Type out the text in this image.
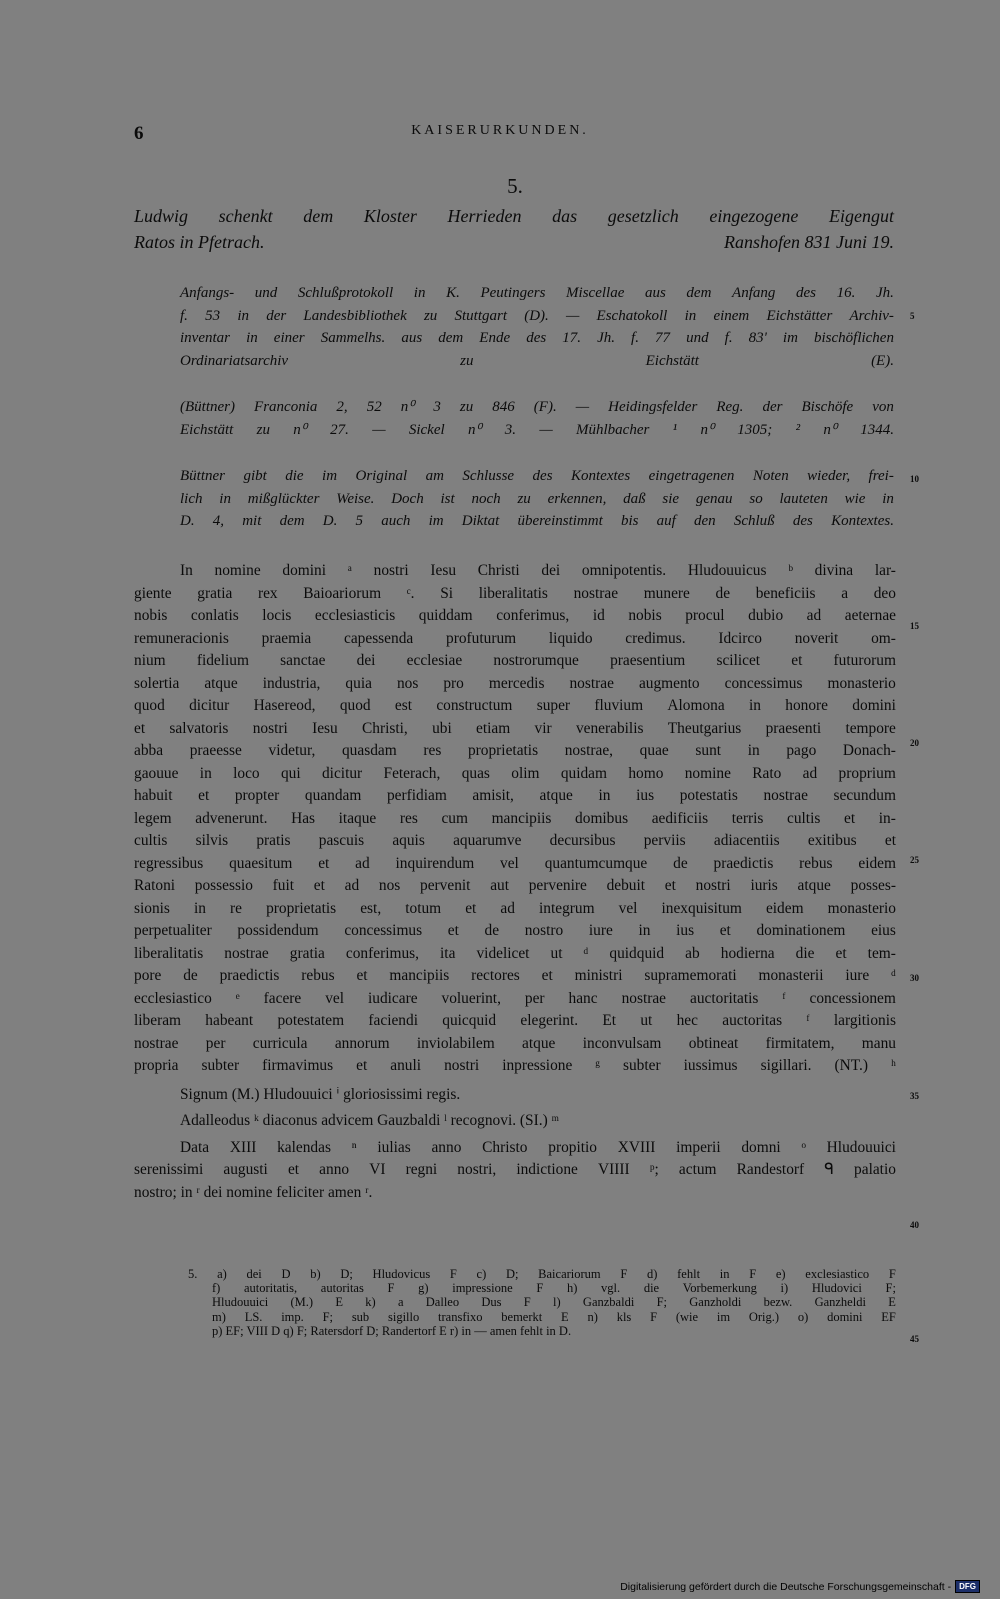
6	KAISERURKUNDEN.
5.
Ludwig schenkt dem Kloster Herrieden das gesetzlich eingezogene Eigengut
Ratos in Pfetrach.	Ranshofen 831 Juni 19.
Anfangs- und Schlußprotokoll in K. Peutingers Miscellae aus dem Anfang des 16. Jh.
f. 53 in der Landesbibliothek zu Stuttgart (D). — Eschatokoll in einem Eichstätter Archiv-
inventar in einer Sammelhs. aus dem Ende des 17. Jh. f. 77 und f. 83' im bischöflichen
Ordinariatsarchiv	zu	Eichstätt	(E).
(Büttner) Franconia 2, 52 n⁰ 3 zu 846 (F). — Heidingsfelder Reg. der Bischöfe von
Eichstätt zu n⁰ 27. — Sickel n⁰ 3. — Mühlbacher ¹ n⁰ 1305; ² n⁰ 1344.
Büttner gibt die im Original am Schlusse des Kontextes eingetragenen Noten wieder, frei-
lich in mißglückter Weise. Doch ist noch zu erkennen, daß sie genau so lauteten wie in
D. 4, mit dem D. 5 auch im Diktat übereinstimmt bis auf den Schluß des Kontextes.
In nomine domini ᵃ nostri Iesu Christi dei omnipotentis. Hludouuicus ᵇ divina lar-
giente gratia rex Baioariorum ᶜ. Si liberalitatis nostrae munere de beneficiis a deo
nobis conlatis locis ecclesiasticis quiddam conferimus, id nobis procul dubio ad aeternae
remuneracionis praemia capessenda profuturum liquido credimus. Idcirco noverit om-
nium fidelium sanctae dei ecclesiae nostrorumque praesentium scilicet et futurorum
solertia atque industria, quia nos pro mercedis nostrae augmento concessimus monasterio
quod dicitur Hasereod, quod est constructum super fluvium Alomona in honore domini
et salvatoris nostri Iesu Christi, ubi etiam vir venerabilis Theutgarius praesenti tempore
abba praeesse videtur, quasdam res proprietatis nostrae, quae sunt in pago Donach-
gaouue in loco qui dicitur Feterach, quas olim quidam homo nomine Rato ad proprium
habuit et propter quandam perfidiam amisit, atque in ius potestatis nostrae secundum
legem advenerunt. Has itaque res cum mancipiis domibus aedificiis terris cultis et in-
cultis silvis pratis pascuis aquis aquarumve decursibus perviis adiacentiis exitibus et
regressibus quaesitum et ad inquirendum vel quantumcumque de praedictis rebus eidem
Ratoni possessio fuit et ad nos pervenit aut pervenire debuit et nostri iuris atque posses-
sionis in re proprietatis est, totum et ad integrum vel inexquisitum eidem monasterio
perpetualiter possidendum concessimus et de nostro iure in ius et dominationem eius
liberalitatis nostrae gratia conferimus, ita videlicet ut ᵈ quidquid ab hodierna die et tem-
pore de praedictis rebus et mancipiis rectores et ministri supramemorati monasterii iure ᵈ
ecclesiastico ᵉ facere vel iudicare voluerint, per hanc nostrae auctoritatis ᶠ concessionem
liberam habeant potestatem faciendi quicquid elegerint. Et ut hec auctoritas ᶠ largitionis
nostrae per curricula annorum inviolabilem atque inconvulsam obtineat firmitatem, manu
propria subter firmavimus et anuli nostri inpressione ᵍ subter iussimus sigillari. (NT.) ʰ
Signum (M.) Hludouuici ⁱ gloriosissimi regis.
Adalleodus ᵏ diaconus advicem Gauzbaldi ˡ recognovi. (SI.) ᵐ
Data XIII kalendas ⁿ iulias anno Christo propitio XVIII imperii domni ᵒ Hludouuici
serenissimi augusti et anno VI regni nostri, indictione VIIII ᵖ; actum Randestorf ᑫ palatio
nostro; in ʳ dei nomine feliciter amen ʳ.
5
10
15
20
25
30
35
40
45
5. a) dei D b) D; Hludovicus F c) D; Baicariorum F d) fehlt in F e) exclesiastico F
f) autoritatis, autoritas F g) impressione F h) vgl. die Vorbemerkung i) Hludovici F;
Hludouuici (M.) E k) a Dalleo Dus F l) Ganzbaldi F; Ganzholdi bezw. Ganzheldi E
m) LS. imp. F; sub sigillo transfixo bemerkt E n) kls F (wie im Orig.) o) domini EF
p) EF; VIII D q) F; Ratersdorf D; Randertorf E r) in — amen fehlt in D.
Digitalisierung gefördert durch die Deutsche Forschungsgemeinschaft -	DFG
